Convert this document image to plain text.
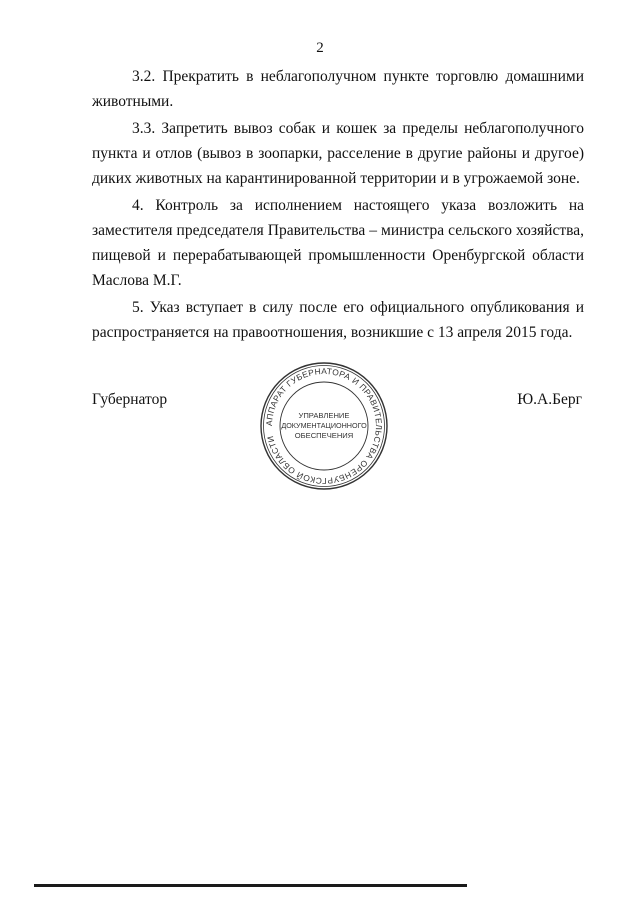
2

3.2. Прекратить в неблагополучном пункте торговлю домашними животными.

3.3. Запретить вывоз собак и кошек за пределы неблагополучного пункта и отлов (вывоз в зоопарки, расселение в другие районы и другое) диких животных на карантинированной территории и в угрожаемой зоне.

4. Контроль за исполнением настоящего указа возложить на заместителя председателя Правительства – министра сельского хозяйства, пищевой и перерабатывающей промышленности Оренбургской области Маслова М.Г.

5. Указ вступает в силу после его официального опубликования и распространяется на правоотношения, возникшие с 13 апреля 2015 года.

Губернатор	Ю.А.Берг
АППАРАТ ГУБЕРНАТОРА И ПРАВИТЕЛЬСТВА ОРЕНБУРГСКОЙ ОБЛАСТИ
УПРАВЛЕНИЕ
ДОКУМЕНТАЦИОННОГО
ОБЕСПЕЧЕНИЯ
